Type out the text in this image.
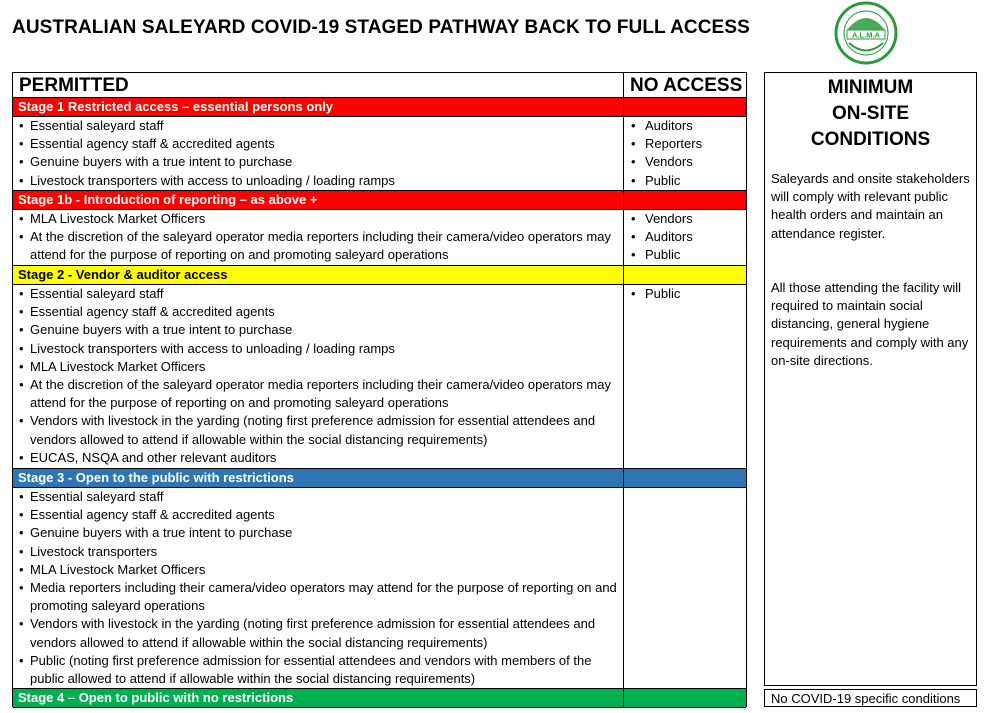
AUSTRALIAN SALEYARD COVID-19 STAGED PATHWAY BACK TO FULL ACCESS	A.L.M.A
PERMITTED	NO ACCESS
Stage 1 Restricted access – essential persons only
• Essential saleyard staff
• Essential agency staff & accredited agents
• Genuine buyers with a true intent to purchase
• Livestock transporters with access to unloading / loading ramps
• Auditors
• Reporters
• Vendors
• Public
Stage 1b - Introduction of reporting – as above +
• MLA Livestock Market Officers
• At the discretion of the saleyard operator media reporters including their camera/video operators may attend for the purpose of reporting on and promoting saleyard operations
• Vendors
• Auditors
• Public
Stage 2 - Vendor & auditor access
• Essential saleyard staff
• Essential agency staff & accredited agents
• Genuine buyers with a true intent to purchase
• Livestock transporters with access to unloading / loading ramps
• MLA Livestock Market Officers
• At the discretion of the saleyard operator media reporters including their camera/video operators may attend for the purpose of reporting on and promoting saleyard operations
• Vendors with livestock in the yarding (noting first preference admission for essential attendees and vendors allowed to attend if allowable within the social distancing requirements)
• EUCAS, NSQA and other relevant auditors
• Public
Stage 3 - Open to the public with restrictions
• Essential saleyard staff
• Essential agency staff & accredited agents
• Genuine buyers with a true intent to purchase
• Livestock transporters
• MLA Livestock Market Officers
• Media reporters including their camera/video operators may attend for the purpose of reporting on and promoting saleyard operations
• Vendors with livestock in the yarding (noting first preference admission for essential attendees and vendors allowed to attend if allowable within the social distancing requirements)
• Public (noting first preference admission for essential attendees and vendors with members of the public allowed to attend if allowable within the social distancing requirements)
Stage 4 – Open to public with no restrictions
MINIMUM
ON-SITE
CONDITIONS
Saleyards and onsite stakeholders will comply with relevant public health orders and maintain an attendance register.
All those attending the facility will required to maintain social distancing, general hygiene requirements and comply with any on-site directions.
No COVID-19 specific conditions
